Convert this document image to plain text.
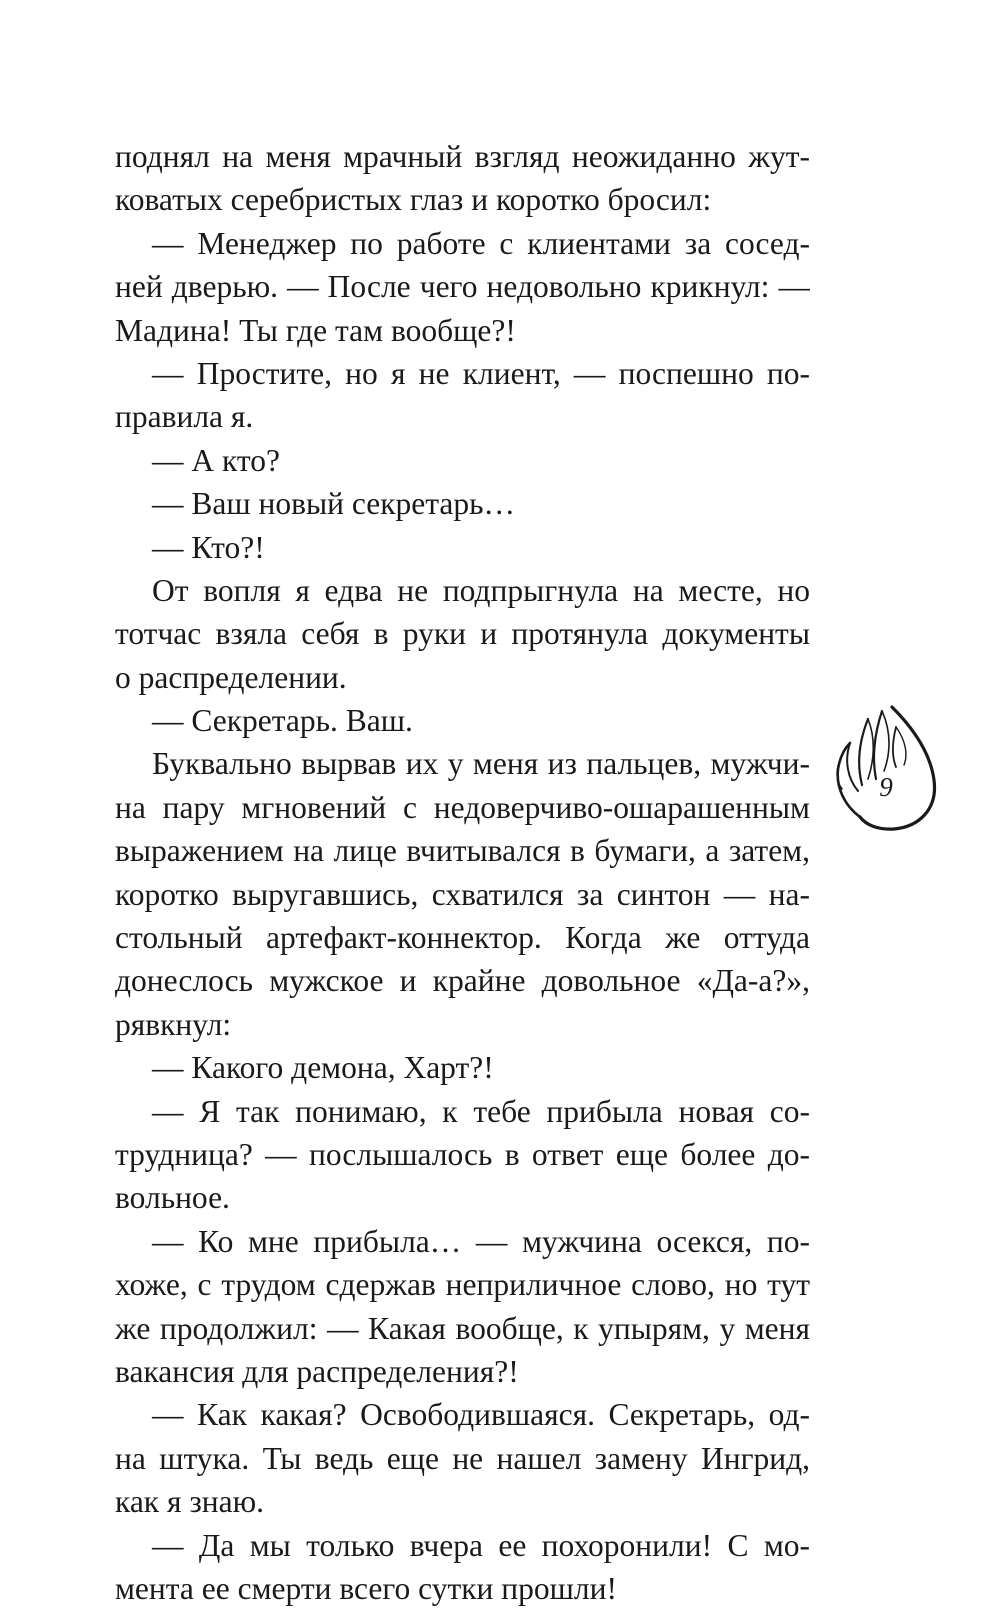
поднял на меня мрачный взгляд неожиданно жут-
коватых серебристых глаз и коротко бросил:
— Менеджер по работе с клиентами за сосед-
ней дверью. — После чего недовольно крикнул: —
Мадина! Ты где там вообще?!
— Простите, но я не клиент, — поспешно по-
правила я.
— А кто?
— Ваш новый секретарь…
— Кто?!
От вопля я едва не подпрыгнула на месте, но
тотчас взяла себя в руки и протянула документы
о распределении.
— Секретарь. Ваш.
Буквально вырвав их у меня из пальцев, мужчи-
на пару мгновений с недоверчиво-ошарашенным
выражением на лице вчитывался в бумаги, а затем,
коротко выругавшись, схватился за синтон — на-
стольный артефакт-коннектор. Когда же оттуда
донеслось мужское и крайне довольное «Да-а?»,
рявкнул:
— Какого демона, Харт?!
— Я так понимаю, к тебе прибыла новая со-
трудница? — послышалось в ответ еще более до-
вольное.
— Ко мне прибыла… — мужчина осекся, по-
хоже, с трудом сдержав неприличное слово, но тут
же продолжил: — Какая вообще, к упырям, у меня
вакансия для распределения?!
— Как какая? Освободившаяся. Секретарь, од-
на штука. Ты ведь еще не нашел замену Ингрид,
как я знаю.
— Да мы только вчера ее похоронили! С мо-
мента ее смерти всего сутки прошли!
9
